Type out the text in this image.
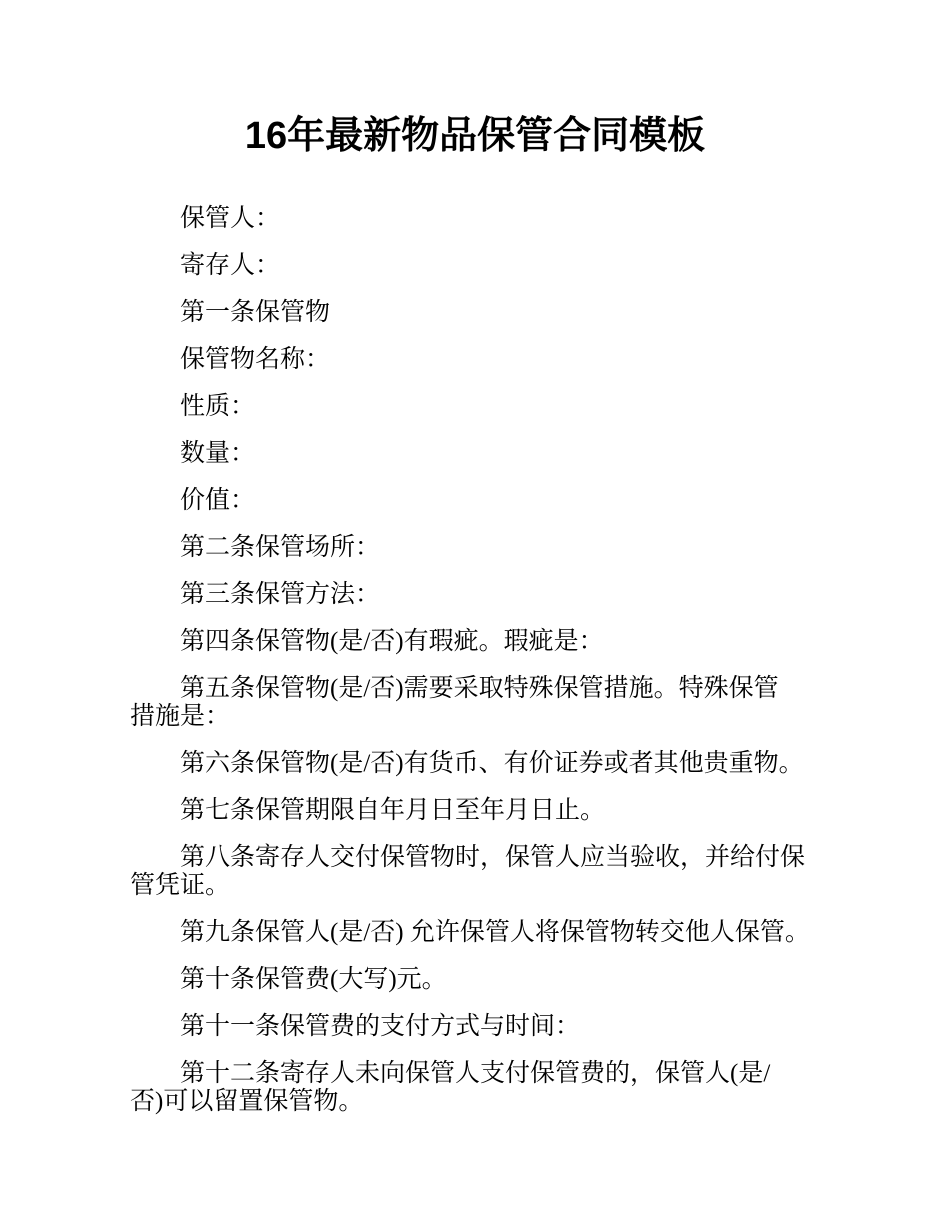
16年最新物品保管合同模板

保管人：

寄存人：

第一条保管物

保管物名称：

性质：

数量：

价值：

第二条保管场所：

第三条保管方法：

第四条保管物(是/否)有瑕疵。瑕疵是：

第五条保管物(是/否)需要采取特殊保管措施。特殊保管
措施是：

第六条保管物(是/否)有货币、有价证券或者其他贵重物。

第七条保管期限自年月日至年月日止。

第八条寄存人交付保管物时，保管人应当验收，并给付保
管凭证。

第九条保管人(是/否) 允许保管人将保管物转交他人保管。

第十条保管费(大写)元。

第十一条保管费的支付方式与时间：

第十二条寄存人未向保管人支付保管费的，保管人(是/
否)可以留置保管物。
